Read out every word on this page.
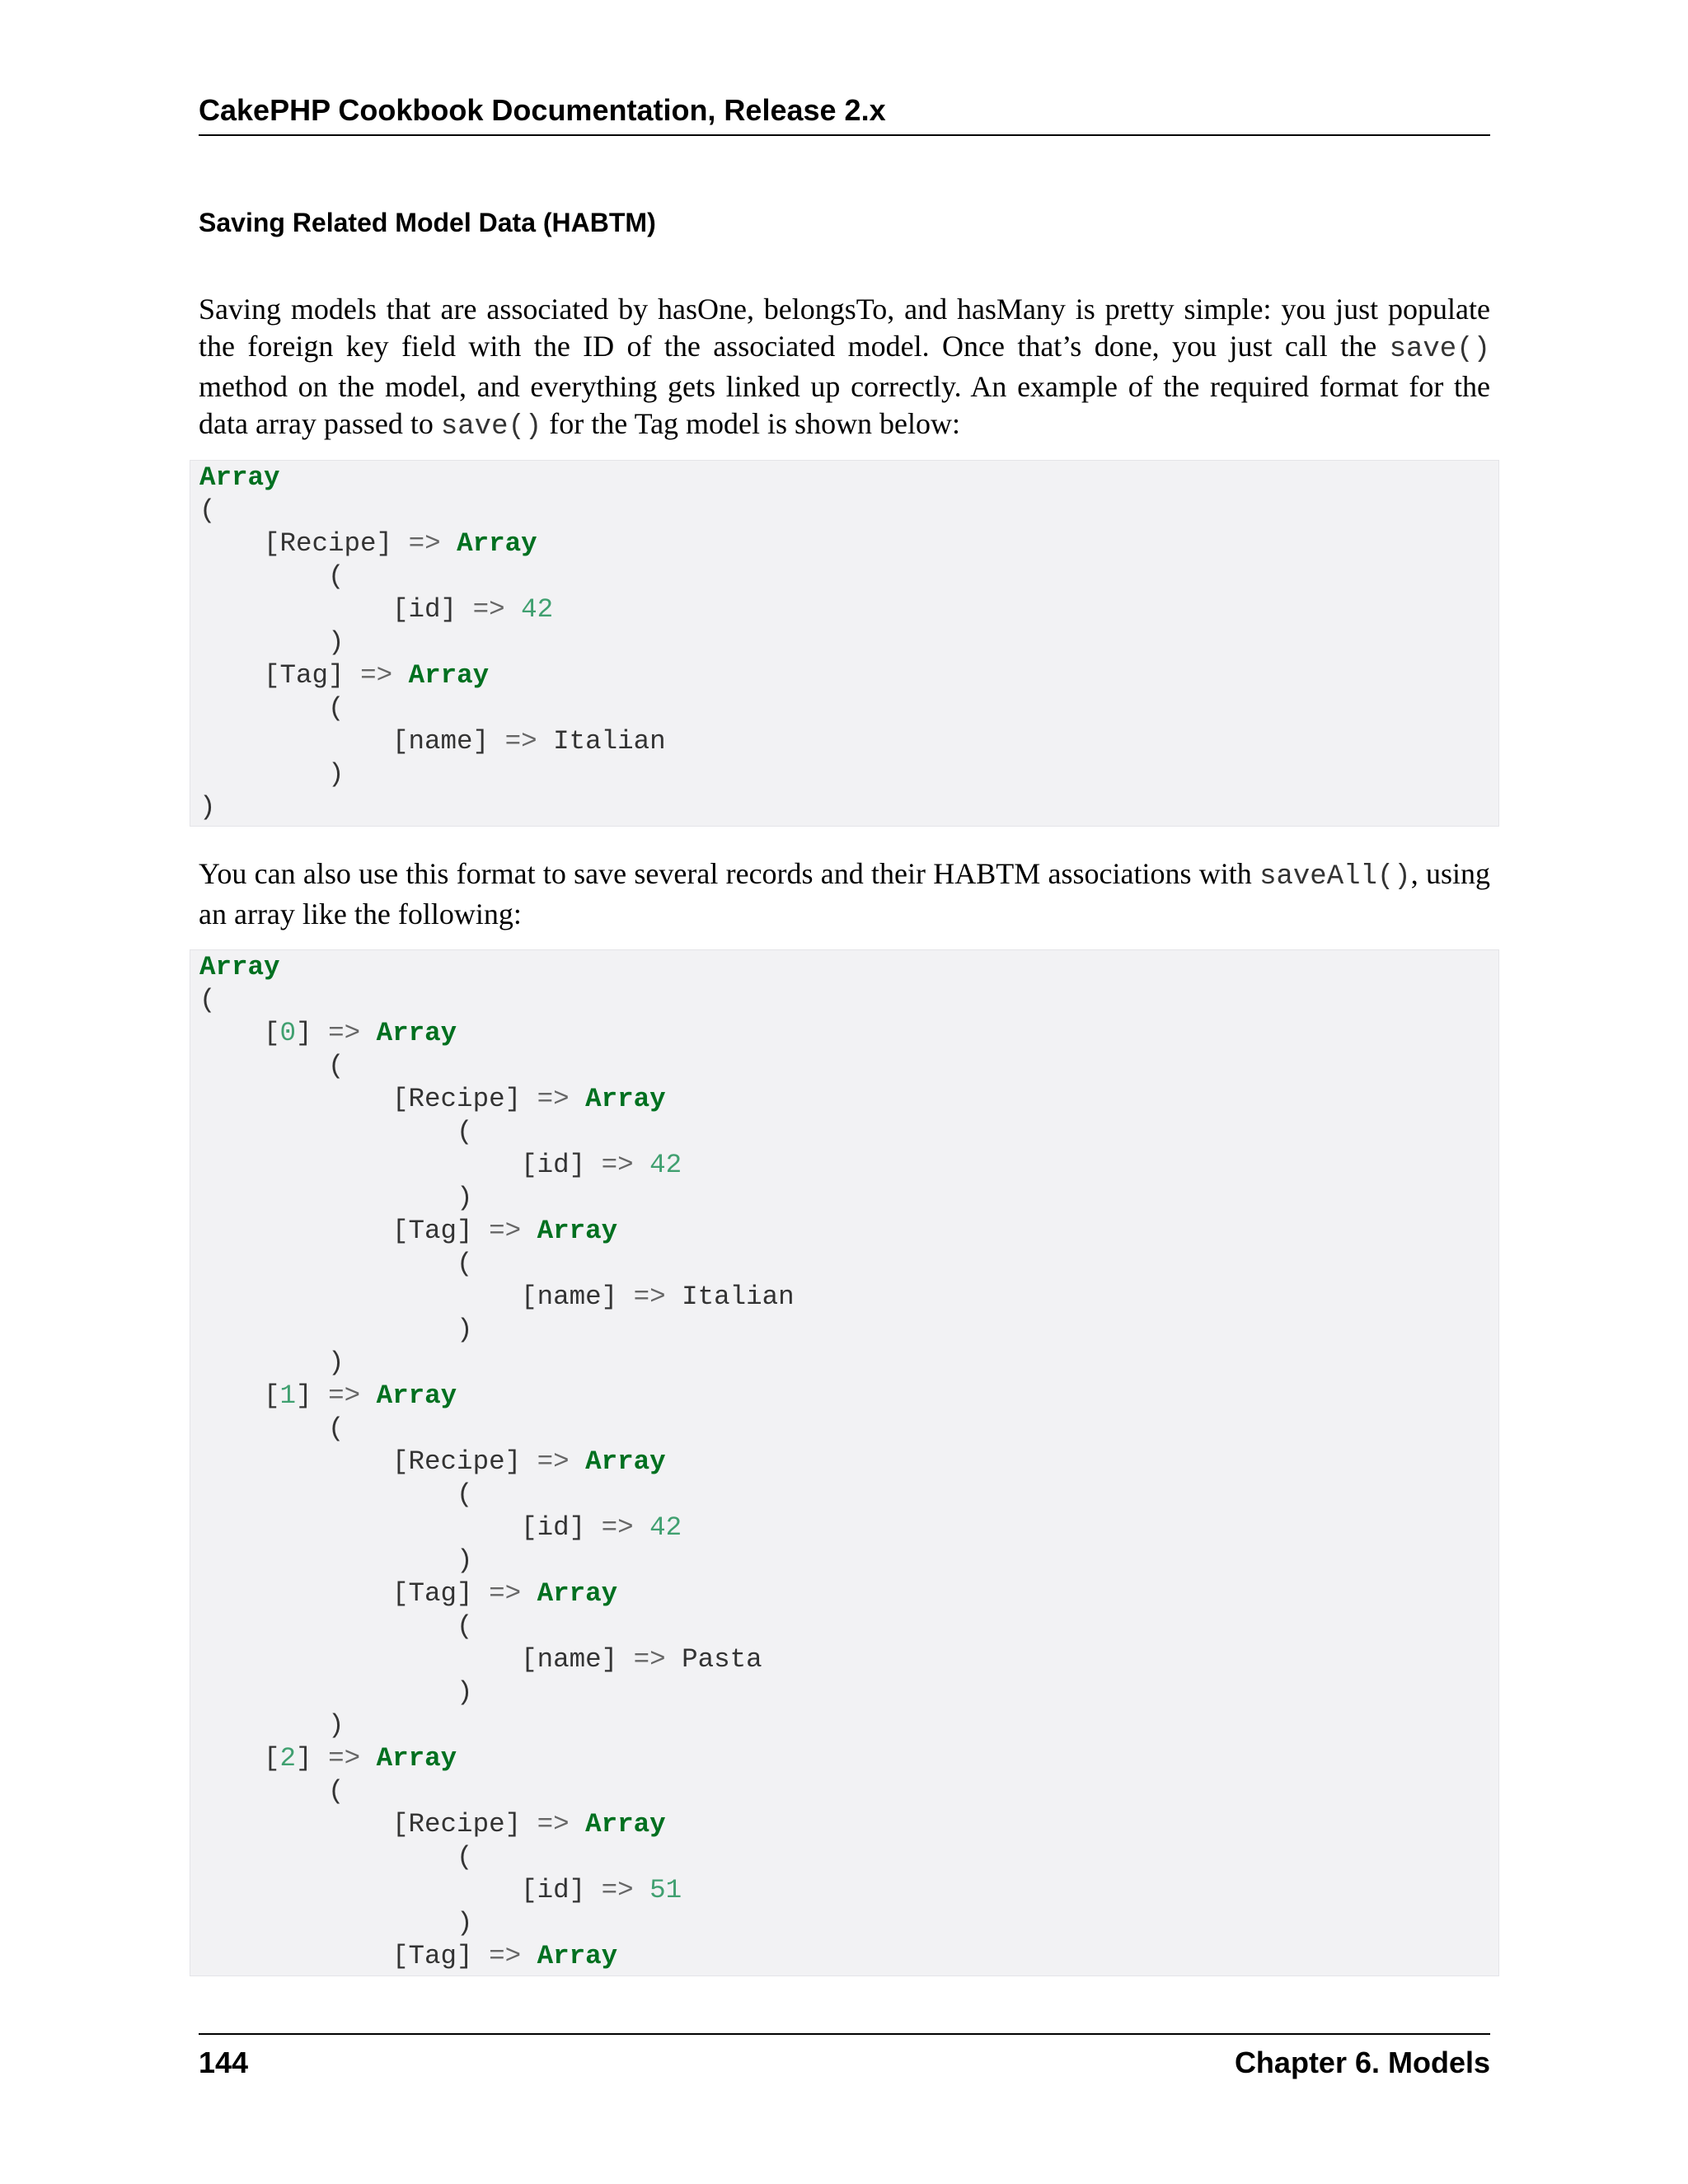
CakePHP Cookbook Documentation, Release 2.x
Saving Related Model Data (HABTM)

Saving models that are associated by hasOne, belongsTo, and hasMany is pretty simple: you just populate the foreign key field with the ID of the associated model. Once that’s done, you just call the save() method on the model, and everything gets linked up correctly. An example of the required format for the data array passed to save() for the Tag model is shown below:

Array
(
[Recipe] => Array
(
[id] => 42
)
[Tag] => Array
(
[name] => Italian
)
)

You can also use this format to save several records and their HABTM associations with saveAll(), using an array like the following:

Array
(
[0] => Array
(
[Recipe] => Array
(
[id] => 42
)
[Tag] => Array
(
[name] => Italian
)
)
[1] => Array
(
[Recipe] => Array
(
[id] => 42
)
[Tag] => Array
(
[name] => Pasta
)
)
[2] => Array
(
[Recipe] => Array
(
[id] => 51
)
[Tag] => Array
144	Chapter 6. Models
